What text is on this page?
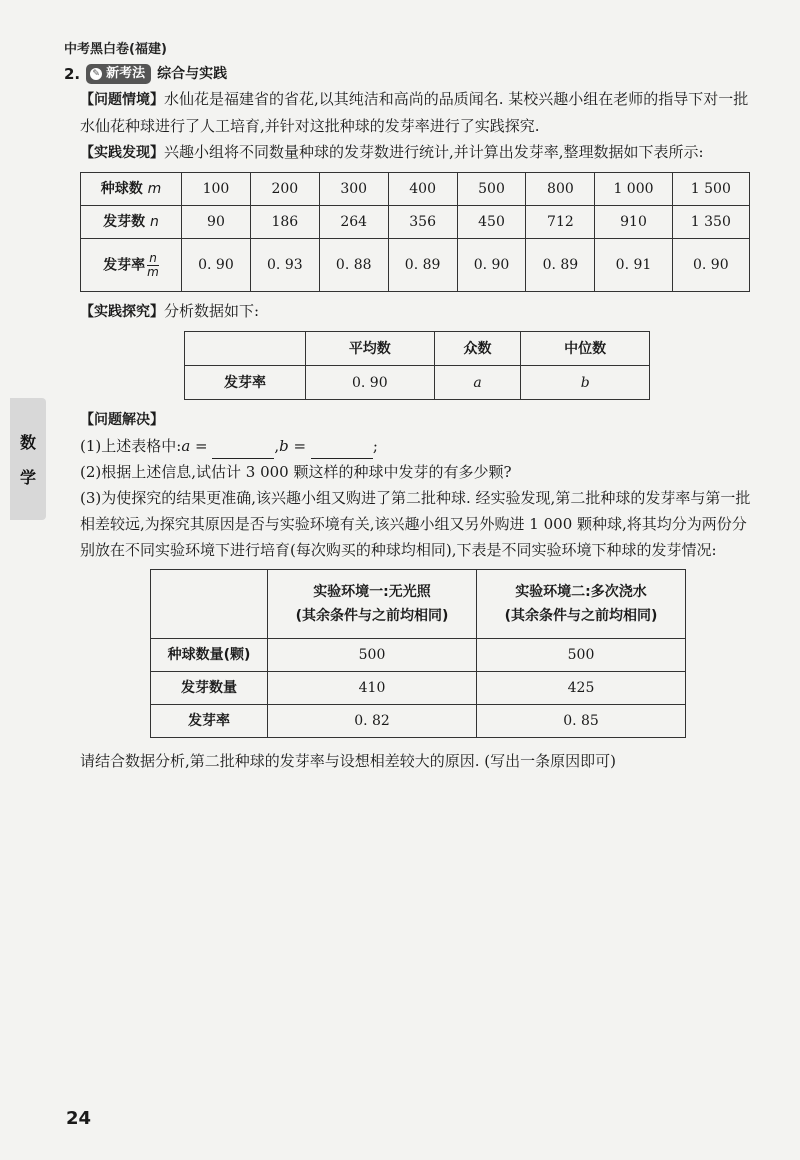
中考黑白卷(福建)
数
学
2. ✎ 新考法 综合与实践

【问题情境】水仙花是福建省的省花,以其纯洁和高尚的品质闻名. 某校兴趣小组在老师的指导下对一批水仙花种球进行了人工培育,并针对这批种球的发芽率进行了实践探究.

【实践发现】兴趣小组将不同数量种球的发芽数进行统计,并计算出发芽率,整理数据如下表所示:

种球数 m	100	200	300	400	500	800	1 000	1 500
发芽数 n	90	186	264	356	450	712	910	1 350
发芽率 $\frac{n}{m}$	0. 90	0. 93	0. 88	0. 89	0. 90	0. 89	0. 91	0. 90

【实践探究】分析数据如下:

	平均数	众数	中位数
发芽率	0. 90	a	b

【问题解决】

(1)上述表格中:a =	,b =	;

(2)根据上述信息,试估计 3 000 颗这样的种球中发芽的有多少颗?

(3)为使探究的结果更准确,该兴趣小组又购进了第二批种球. 经实验发现,第二批种球的发芽率与第一批相差较远,为探究其原因是否与实验环境有关,该兴趣小组又另外购进 1 000 颗种球,将其均分为两份分别放在不同实验环境下进行培育(每次购买的种球均相同),下表是不同实验环境下种球的发芽情况:

	实验环境一:无光照
(其余条件与之前均相同)	实验环境二:多次浇水
(其余条件与之前均相同)
种球数量(颗)	500	500
发芽数量	410	425
发芽率	0. 82	0. 85

请结合数据分析,第二批种球的发芽率与设想相差较大的原因. (写出一条原因即可)

24
